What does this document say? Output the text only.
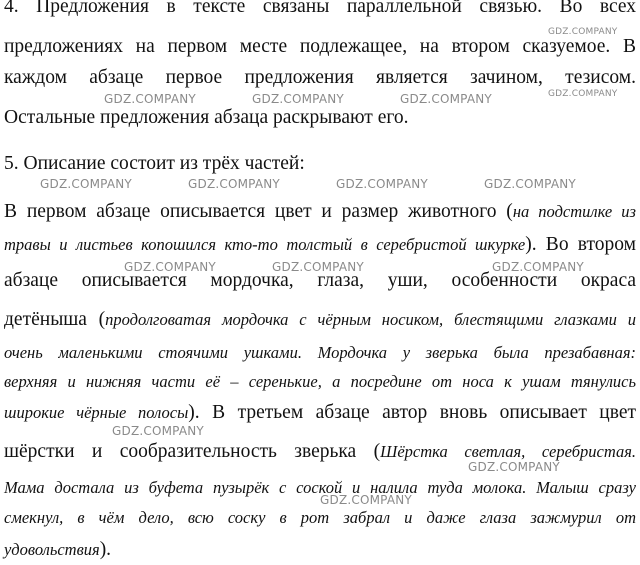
4. Предложения в тексте связаны параллельной связью. Во всех
предложениях на первом месте подлежащее, на втором сказуемое. В
каждом абзаце первое предложения является зачином, тезисом.
Остальные предложения абзаца раскрывают его.
5. Описание состоит из трёх частей:
В первом абзаце описывается цвет и размер животного (на подстилке из
травы и листьев копошился кто-то толстый в серебристой шкурке). Во втором
абзаце описывается мордочка, глаза, уши, особенности окраса
детёныша (продолговатая мордочка с чёрным носиком, блестящими глазками и
очень маленькими стоячими ушками. Мордочка у зверька была презабавная:
верхняя и нижняя части её – серенькие, а посредине от носа к ушам тянулись
широкие чёрные полосы). В третьем абзаце автор вновь описывает цвет
шёрстки и сообразительность зверька (Шёрстка светлая, серебристая.
Мама достала из буфета пузырёк с соской и налила туда молока. Малыш сразу
смекнул, в чём дело, всю соску в рот забрал и даже глаза зажмурил от
удовольствия).
GDZ.COMPANY
GDZ.COMPANY
GDZ.COMPANY	GDZ.COMPANY	GDZ.COMPANY
GDZ.COMPANY	GDZ.COMPANY	GDZ.COMPANY	GDZ.COMPANY
GDZ.COMPANY	GDZ.COMPANY	GDZ.COMPANY
GDZ.COMPANY
GDZ.COMPANY
GDZ.COMPANY
